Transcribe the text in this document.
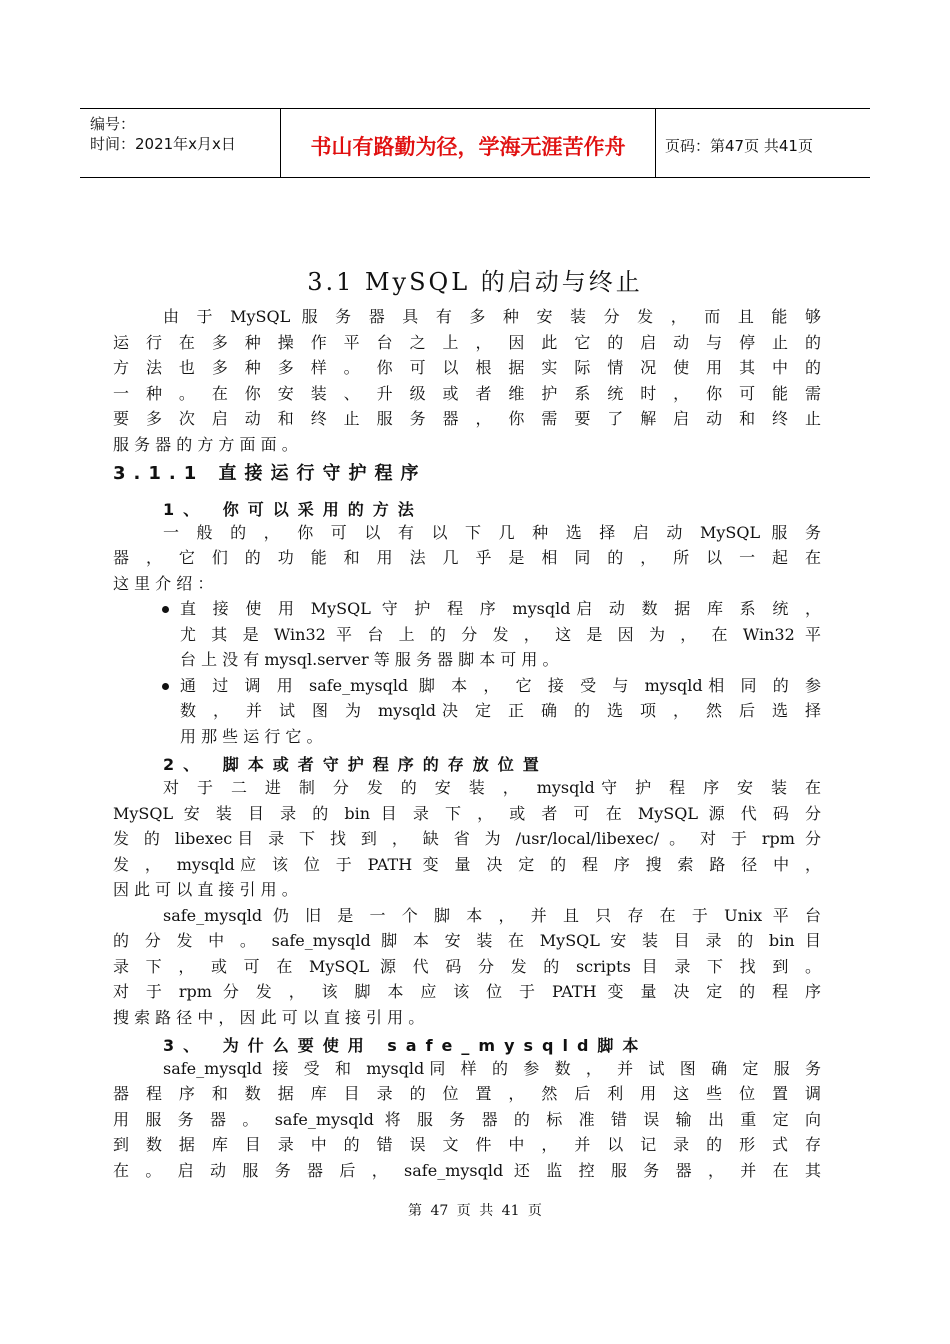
编号：
时间：2021年x月x日	书山有路勤为径，学海无涯苦作舟	页码：第47页 共41页
3.1 MySQL 的启动与终止
由 于 MySQL 服 务 器 具 有 多 种 安 装 分 发 ， 而 且 能 够
运 行 在 多 种 操 作 平 台 之 上 ， 因 此 它 的 启 动 与 停 止 的
方 法 也 多 种 多 样 。 你 可 以 根 据 实 际 情 况 使 用 其 中 的
一 种 。 在 你 安 装 、 升 级 或 者 维 护 系 统 时 ， 你 可 能 需
要 多 次 启 动 和 终 止 服 务 器 ， 你 需 要 了 解 启 动 和 终 止
服 务 器 的 方 方 面 面 。
3.1.1 直接运行守护程序
1、 你可以采用的方法
一 般 的 ， 你 可 以 有 以 下 几 种 选 择 启 动 MySQL 服 务
器 ， 它 们 的 功 能 和 用 法 几 乎 是 相 同 的 ， 所 以 一 起 在
这 里 介 绍 ：
直 接 使 用 MySQL 守 护 程 序 mysqld启 动 数 据 库 系 统 ，
尤 其 是 Win32 平 台 上 的 分 发 ， 这 是 因 为 ， 在 Win32 平
台 上 没 有 mysql.server 等 服 务 器 脚 本 可 用 。
通 过 调 用 safe_mysqld 脚 本 ， 它 接 受 与 mysqld相 同 的 参
数 ， 并 试 图 为 mysqld决 定 正 确 的 选 项 ， 然 后 选 择
用 那 些 运 行 它 。
2、 脚本或者守护程序的存放位置
对 于 二 进 制 分 发 的 安 装 ， mysqld守 护 程 序 安 装 在
MySQL 安 装 目 录 的 bin 目 录 下 ， 或 者 可 在 MySQL 源 代 码 分
发 的 libexec目 录 下 找 到 ， 缺 省 为 /usr/local/libexec/ 。 对 于 rpm 分
发 ， mysqld应 该 位 于 PATH 变 量 决 定 的 程 序 搜 索 路 径 中 ，
因 此 可 以 直 接 引 用 。
safe_mysqld 仍 旧 是 一 个 脚 本 ， 并 且 只 存 在 于 Unix 平 台
的 分 发 中 。 safe_mysqld 脚 本 安 装 在 MySQL 安 装 目 录 的 bin 目
录 下 ， 或 可 在 MySQL 源 代 码 分 发 的 scripts 目 录 下 找 到 。
对 于 rpm 分 发 ， 该 脚 本 应 该 位 于 PATH 变 量 决 定 的 程 序
搜 索 路 径 中 ， 因 此 可 以 直 接 引 用 。
3、 为什么要使用 safe_mysqld脚本
safe_mysqld 接 受 和 mysqld同 样 的 参 数 ， 并 试 图 确 定 服 务
器 程 序 和 数 据 库 目 录 的 位 置 ， 然 后 利 用 这 些 位 置 调
用 服 务 器 。 safe_mysqld 将 服 务 器 的 标 准 错 误 输 出 重 定 向
到 数 据 库 目 录 中 的 错 误 文 件 中 ， 并 以 记 录 的 形 式 存
在 。 启 动 服 务 器 后 ， safe_mysqld 还 监 控 服 务 器 ， 并 在 其
第 47 页 共 41 页
